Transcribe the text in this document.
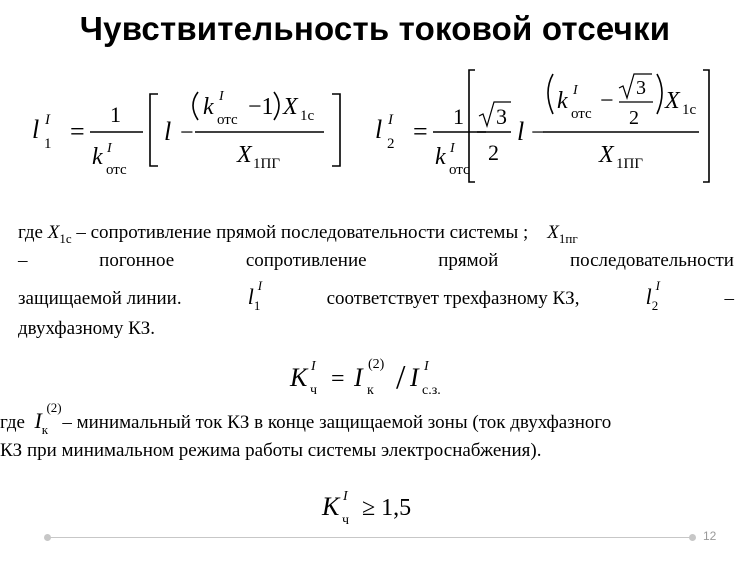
Чувствительность токовой отсечки
l I
1 =
1
k I
отс
l −
k I
отс −1 X 1с
X 1ПГ
l I
2 =
1
k I
отс
3
2
l −
k I
отс − 3
2
X 1с
X 1ПГ
где $X_{1с}$ – сопротивление прямой последовательности системы ; $X_{1пг}$
–	погонное	сопротивление	прямой	последовательности
защищаемой линии.	l I
$_1$	соответствует трехфазному КЗ,	l I
$_2$	–
двухфазному КЗ.
K I
ч = I (2)
к / I I
с.з.
где I
(2)
$_к$ – минимальный ток КЗ в конце защищаемой зоны (ток двухфазного
КЗ при минимальном режима работы системы электроснабжения).
K I
ч ≥ 1,5
12
